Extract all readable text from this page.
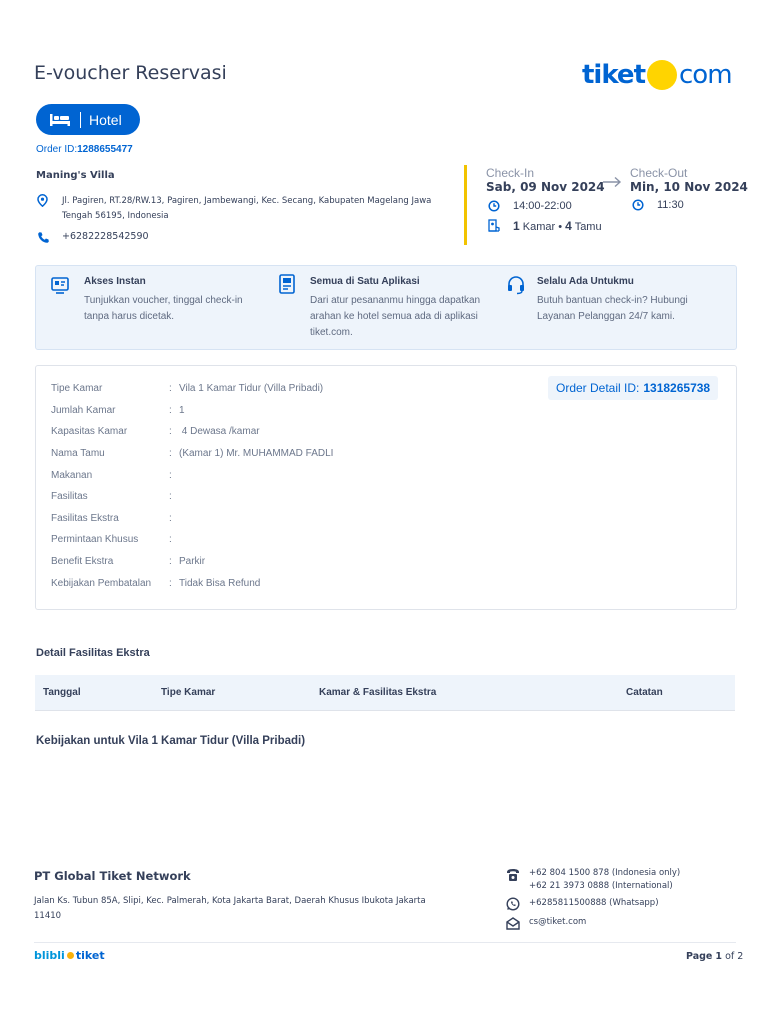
E-voucher Reservasi	tiket com
Hotel
Order ID:1288655477
Maning's Villa
Jl. Pagiren, RT.28/RW.13, Pagiren, Jambewangi, Kec. Secang, Kabupaten Magelang Jawa Tengah 56195, Indonesia
+6282228542590
Check-In
Sab, 09 Nov 2024
Check-Out
Min, 10 Nov 2024
14:00-22:00	11:30
1 Kamar • 4 Tamu
Akses Instan
Tunjukkan voucher, tinggal check-in tanpa harus dicetak.
Semua di Satu Aplikasi
Dari atur pesananmu hingga dapatkan arahan ke hotel semua ada di aplikasi tiket.com.
Selalu Ada Untukmu
Butuh bantuan check-in? Hubungi Layanan Pelanggan 24/7 kami.
Tipe Kamar	: Vila 1 Kamar Tidur (Villa Pribadi)
Jumlah Kamar	: 1
Kapasitas Kamar	: 4 Dewasa /kamar
Nama Tamu	: (Kamar 1) Mr. MUHAMMAD FADLI
Makanan	:
Fasilitas	:
Fasilitas Ekstra	:
Permintaan Khusus	:
Benefit Ekstra	: Parkir
Kebijakan Pembatalan	: Tidak Bisa Refund
Order Detail ID: 1318265738
Detail Fasilitas Ekstra
Tanggal	Tipe Kamar	Kamar & Fasilitas Ekstra	Catatan
Kebijakan untuk Vila 1 Kamar Tidur (Villa Pribadi)
PT Global Tiket Network
Jalan Ks. Tubun 85A, Slipi, Kec. Palmerah, Kota Jakarta Barat, Daerah Khusus Ibukota Jakarta 11410
+62 804 1500 878 (Indonesia only)
+62 21 3973 0888 (International)
+6285811500888 (Whatsapp)
cs@tiket.com
blibli tiket	Page 1 of 2
